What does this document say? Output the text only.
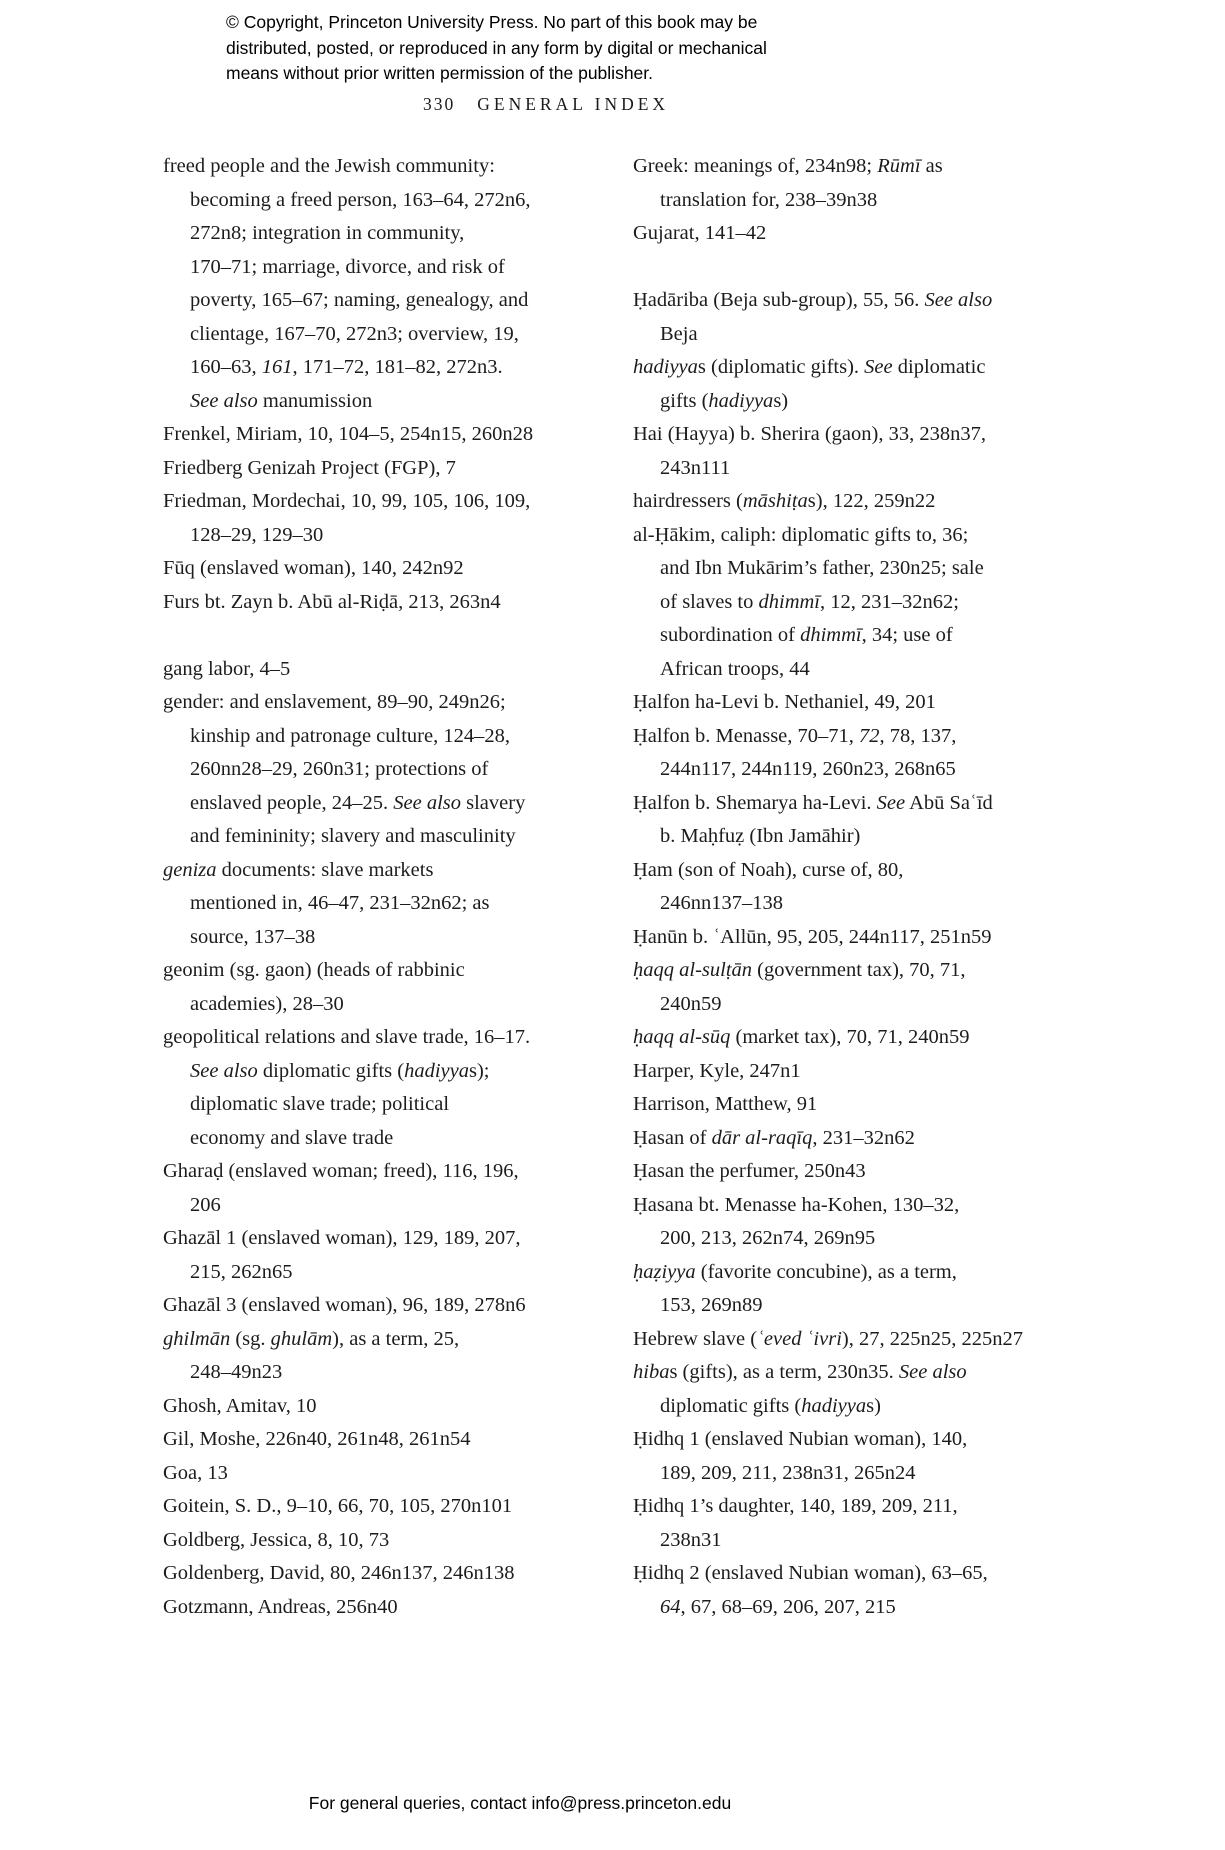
© Copyright, Princeton University Press. No part of this book may be
distributed, posted, or reproduced in any form by digital or mechanical
means without prior written permission of the publisher.
330 GENERAL INDEX
freed people and the Jewish community:
becoming a freed person, 163–64, 272n6,
272n8; integration in community,
170–71; marriage, divorce, and risk of
poverty, 165–67; naming, genealogy, and
clientage, 167–70, 272n3; overview, 19,
160–63, 161, 171–72, 181–82, 272n3.
See also manumission
Frenkel, Miriam, 10, 104–5, 254n15, 260n28
Friedberg Genizah Project (FGP), 7
Friedman, Mordechai, 10, 99, 105, 106, 109,
128–29, 129–30
Fūq (enslaved woman), 140, 242n92
Furs bt. Zayn b. Abū al-Riḍā, 213, 263n4
gang labor, 4–5
gender: and enslavement, 89–90, 249n26;
kinship and patronage culture, 124–28,
260nn28–29, 260n31; protections of
enslaved people, 24–25. See also slavery
and femininity; slavery and masculinity
geniza documents: slave markets
mentioned in, 46–47, 231–32n62; as
source, 137–38
geonim (sg. gaon) (heads of rabbinic
academies), 28–30
geopolitical relations and slave trade, 16–17.
See also diplomatic gifts (hadiyyas);
diplomatic slave trade; political
economy and slave trade
Gharaḍ (enslaved woman; freed), 116, 196,
206
Ghazāl 1 (enslaved woman), 129, 189, 207,
215, 262n65
Ghazāl 3 (enslaved woman), 96, 189, 278n6
ghilmān (sg. ghulām), as a term, 25,
248–49n23
Ghosh, Amitav, 10
Gil, Moshe, 226n40, 261n48, 261n54
Goa, 13
Goitein, S. D., 9–10, 66, 70, 105, 270n101
Goldberg, Jessica, 8, 10, 73
Goldenberg, David, 80, 246n137, 246n138
Gotzmann, Andreas, 256n40
Greek: meanings of, 234n98; Rūmī as
translation for, 238–39n38
Gujarat, 141–42
Ḥadāriba (Beja sub-group), 55, 56. See also
Beja
hadiyyas (diplomatic gifts). See diplomatic
gifts (hadiyyas)
Hai (Hayya) b. Sherira (gaon), 33, 238n37,
243n111
hairdressers (māshiṭas), 122, 259n22
al-Ḥākim, caliph: diplomatic gifts to, 36;
and Ibn Mukārim’s father, 230n25; sale
of slaves to dhimmī, 12, 231–32n62;
subordination of dhimmī, 34; use of
African troops, 44
Ḥalfon ha-Levi b. Nethaniel, 49, 201
Ḥalfon b. Menasse, 70–71, 72, 78, 137,
244n117, 244n119, 260n23, 268n65
Ḥalfon b. Shemarya ha-Levi. See Abū Saʿīd
b. Maḥfuẓ (Ibn Jamāhir)
Ḥam (son of Noah), curse of, 80,
246nn137–138
Ḥanūn b. ʿAllūn, 95, 205, 244n117, 251n59
ḥaqq al-sulṭān (government tax), 70, 71,
240n59
ḥaqq al-sūq (market tax), 70, 71, 240n59
Harper, Kyle, 247n1
Harrison, Matthew, 91
Ḥasan of dār al-raqīq, 231–32n62
Ḥasan the perfumer, 250n43
Ḥasana bt. Menasse ha-Kohen, 130–32,
200, 213, 262n74, 269n95
ḥaẓiyya (favorite concubine), as a term,
153, 269n89
Hebrew slave (ʿeved ʿivri), 27, 225n25, 225n27
hibas (gifts), as a term, 230n35. See also
diplomatic gifts (hadiyyas)
Ḥidhq 1 (enslaved Nubian woman), 140,
189, 209, 211, 238n31, 265n24
Ḥidhq 1’s daughter, 140, 189, 209, 211,
238n31
Ḥidhq 2 (enslaved Nubian woman), 63–65,
64, 67, 68–69, 206, 207, 215
For general queries, contact info@press.princeton.edu
